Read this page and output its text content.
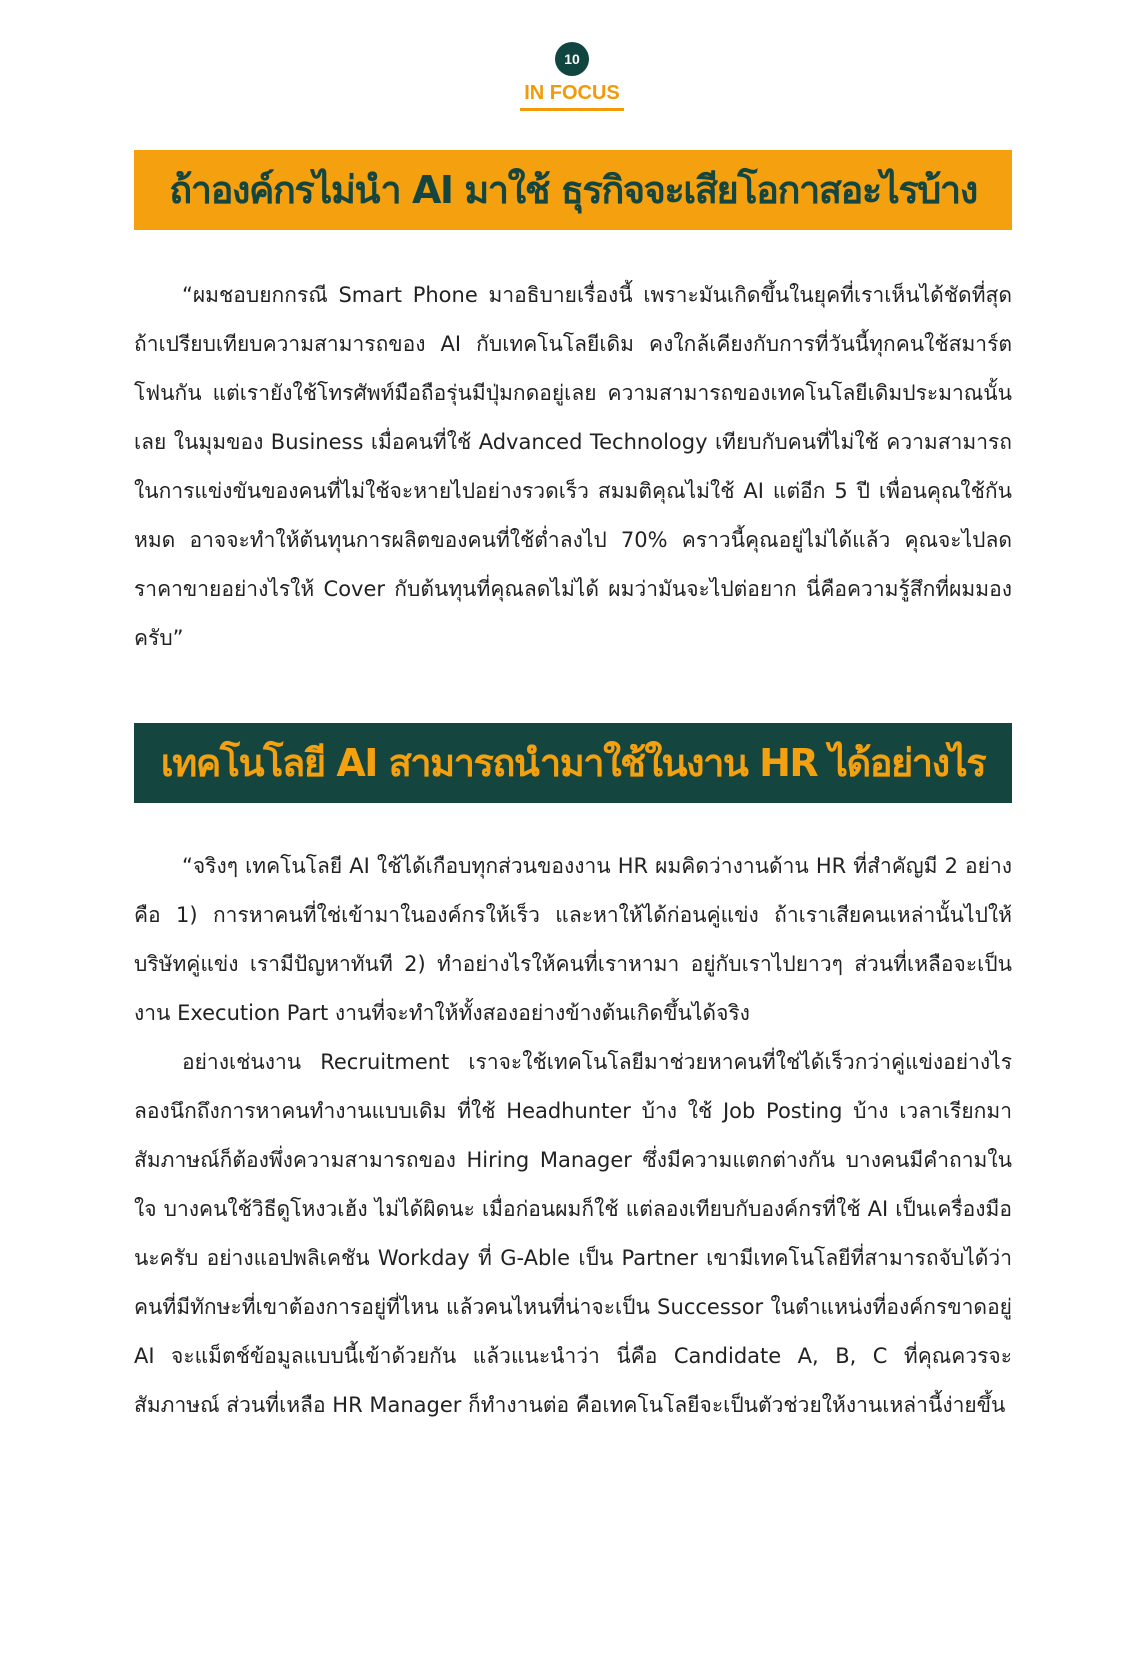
10
IN FOCUS
ถ้าองค์กรไม่นำ AI มาใช้ ธุรกิจจะเสียโอกาสอะไรบ้าง

“ผมชอบยกกรณี Smart Phone มาอธิบายเรื่องนี้ เพราะมันเกิดขึ้นในยุคที่เราเห็นได้ชัดที่สุด ถ้าเปรียบเทียบความสามารถของ AI กับเทคโนโลยีเดิม คงใกล้เคียงกับการที่วันนี้ทุกคนใช้สมาร์ตโฟนกัน แต่เรายังใช้โทรศัพท์มือถือรุ่นมีปุ่มกดอยู่เลย ความสามารถของเทคโนโลยีเดิมประมาณนั้นเลย ในมุมของ Business เมื่อคนที่ใช้ Advanced Technology เทียบกับคนที่ไม่ใช้ ความสามารถในการแข่งขันของคนที่ไม่ใช้จะหายไปอย่างรวดเร็ว สมมติคุณไม่ใช้ AI แต่อีก 5 ปี เพื่อนคุณใช้กันหมด อาจจะทำให้ต้นทุนการผลิตของคนที่ใช้ต่ำลงไป 70% คราวนี้คุณอยู่ไม่ได้แล้ว คุณจะไปลดราคาขายอย่างไรให้ Cover กับต้นทุนที่คุณลดไม่ได้ ผมว่ามันจะไปต่อยาก นี่คือความรู้สึกที่ผมมองครับ”

เทคโนโลยี AI สามารถนำมาใช้ในงาน HR ได้อย่างไร

“จริงๆ เทคโนโลยี AI ใช้ได้เกือบทุกส่วนของงาน HR ผมคิดว่างานด้าน HR ที่สำคัญมี 2 อย่างคือ 1) การหาคนที่ใช่เข้ามาในองค์กรให้เร็ว และหาให้ได้ก่อนคู่แข่ง ถ้าเราเสียคนเหล่านั้นไปให้บริษัทคู่แข่ง เรามีปัญหาทันที 2) ทำอย่างไรให้คนที่เราหามา อยู่กับเราไปยาวๆ ส่วนที่เหลือจะเป็นงาน Execution Part งานที่จะทำให้ทั้งสองอย่างข้างต้นเกิดขึ้นได้จริง

อย่างเช่นงาน Recruitment เราจะใช้เทคโนโลยีมาช่วยหาคนที่ใช่ได้เร็วกว่าคู่แข่งอย่างไร ลองนึกถึงการหาคนทำงานแบบเดิม ที่ใช้ Headhunter บ้าง ใช้ Job Posting บ้าง เวลาเรียกมาสัมภาษณ์ก็ต้องพึ่งความสามารถของ Hiring Manager ซึ่งมีความแตกต่างกัน บางคนมีคำถามในใจ บางคนใช้วิธีดูโหงวเฮ้ง ไม่ได้ผิดนะ เมื่อก่อนผมก็ใช้ แต่ลองเทียบกับองค์กรที่ใช้ AI เป็นเครื่องมือนะครับ อย่างแอปพลิเคชัน Workday ที่ G-Able เป็น Partner เขามีเทคโนโลยีที่สามารถจับได้ว่าคนที่มีทักษะที่เขาต้องการอยู่ที่ไหน แล้วคนไหนที่น่าจะเป็น Successor ในตำแหน่งที่องค์กรขาดอยู่ AI จะแม็ตช์ข้อมูลแบบนี้เข้าด้วยกัน แล้วแนะนำว่า นี่คือ Candidate A, B, C ที่คุณควรจะสัมภาษณ์ ส่วนที่เหลือ HR Manager ก็ทำงานต่อ คือเทคโนโลยีจะเป็นตัวช่วยให้งานเหล่านี้ง่ายขึ้น
